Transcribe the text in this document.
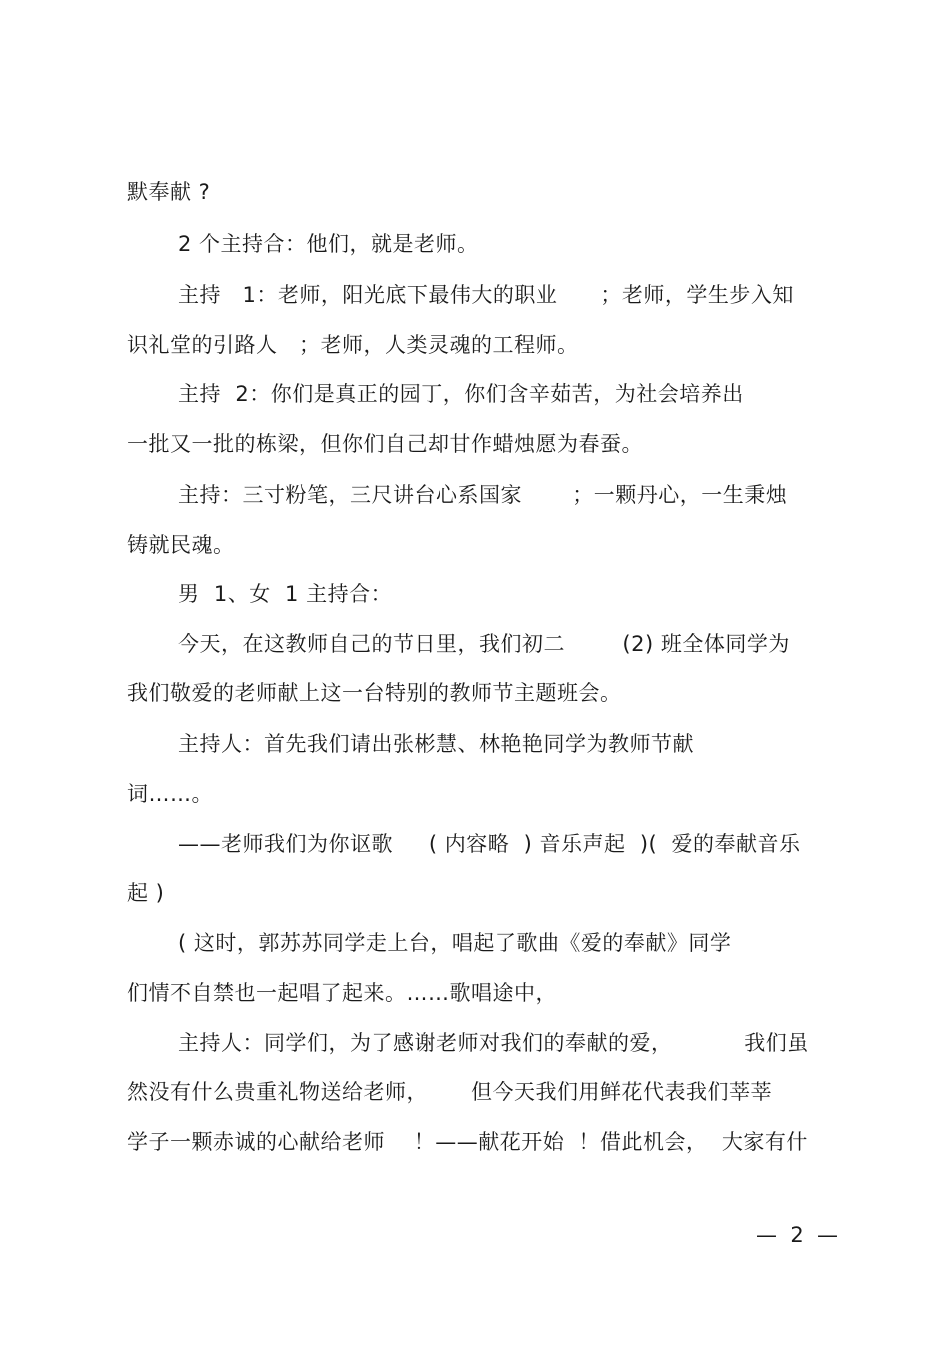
默奉献 ?
2 个主持合：他们，就是老师。
主持   1：老师，阳光底下最伟大的职业      ；老师，学生步入知
识礼堂的引路人   ；老师，人类灵魂的工程师。
主持  2：你们是真正的园丁，你们含辛茹苦，为社会培养出
一批又一批的栋梁，但你们自己却甘作蜡烛愿为春蚕。
主持：三寸粉笔，三尺讲台心系国家       ；一颗丹心，一生秉烛
铸就民魂。
男  1、女  1 主持合：
今天，在这教师自己的节日里，我们初二        (2) 班全体同学为
我们敬爱的老师献上这一台特别的教师节主题班会。
主持人：首先我们请出张彬慧、林艳艳同学为教师节献
词……。
——老师我们为你讴歌     ( 内容略  ) 音乐声起  )(  爱的奉献音乐
起 )
( 这时，郭苏苏同学走上台，唱起了歌曲《爱的奉献》同学
们情不自禁也一起唱了起来。……歌唱途中，
主持人：同学们，为了感谢老师对我们的奉献的爱，          我们虽
然没有什么贵重礼物送给老师，      但今天我们用鲜花代表我们莘莘
学子一颗赤诚的心献给老师    ！——献花开始  ！借此机会，  大家有什
—  2  —
